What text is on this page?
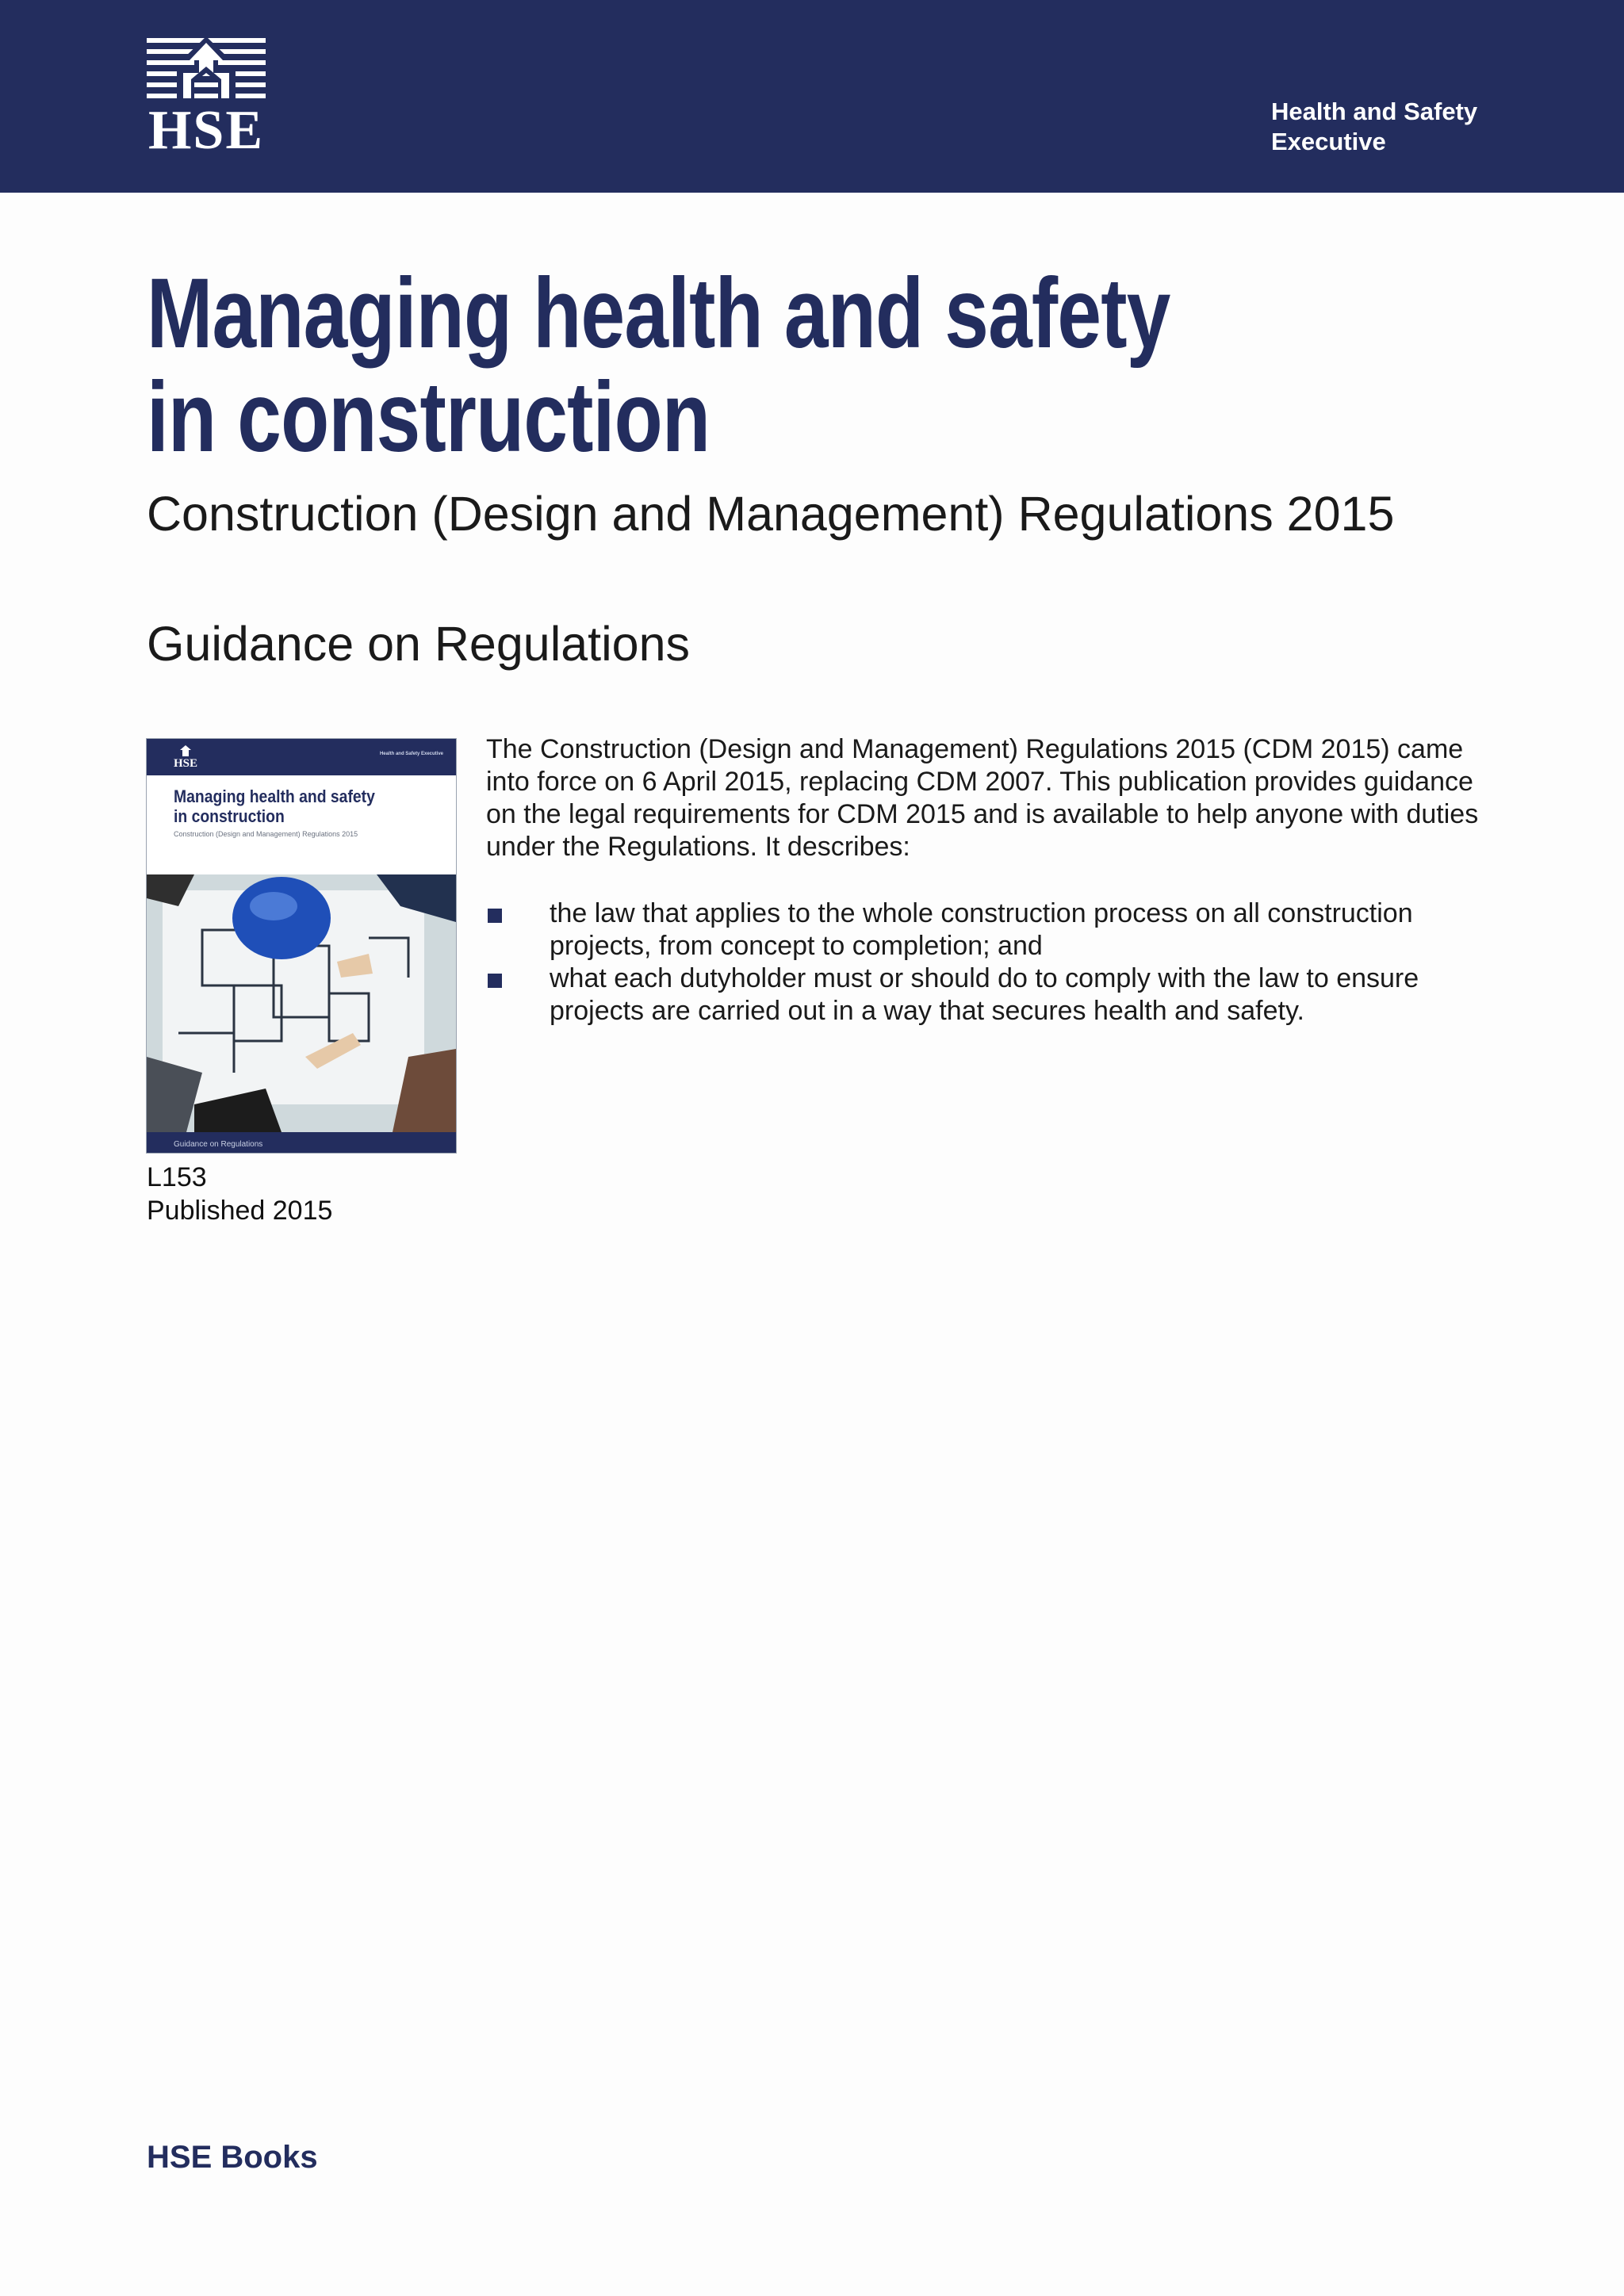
HSE	Health and Safety
Executive
Managing health and safety
in construction
Construction (Design and Management) Regulations 2015
Guidance on Regulations
HSE
Health and Safety Executive
Managing health and safety
in construction
Construction (Design and Management) Regulations 2015
Guidance on Regulations
L153
Published 2015

The Construction (Design and Management) Regulations 2015 (CDM 2015) came into force on 6 April 2015, replacing CDM 2007. This publication provides guidance on the legal requirements for CDM 2015 and is available to help anyone with duties under the Regulations. It describes:

the law that applies to the whole construction process on all construction projects, from concept to completion; and
what each dutyholder must or should do to comply with the law to ensure projects are carried out in a way that secures health and safety.
HSE Books
